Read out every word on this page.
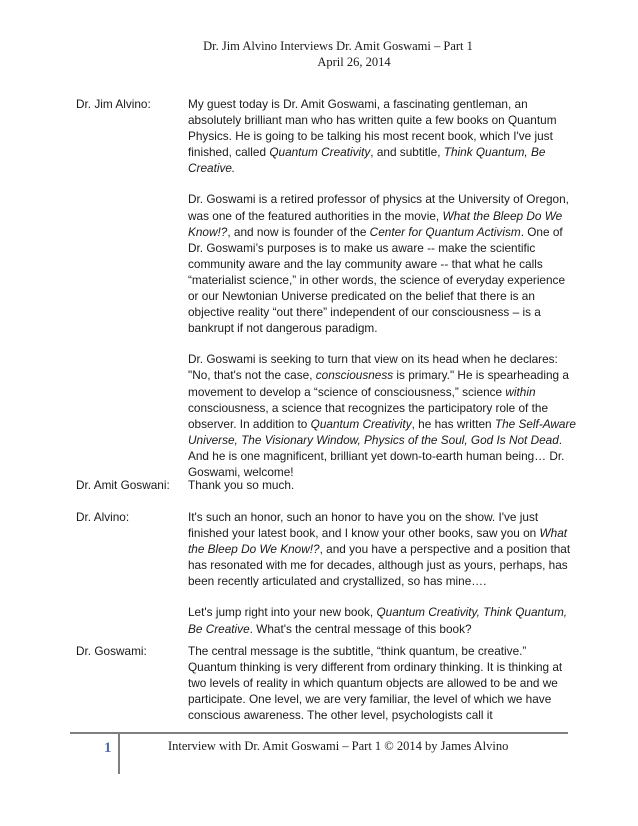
Dr. Jim Alvino Interviews Dr. Amit Goswami – Part 1
April 26, 2014
Dr. Jim Alvino:	My guest today is Dr. Amit Goswami, a fascinating gentleman, an absolutely brilliant man who has written quite a few books on Quantum Physics. He is going to be talking his most recent book, which I've just finished, called Quantum Creativity, and subtitle, Think Quantum, Be Creative.

Dr. Goswami is a retired professor of physics at the University of Oregon, was one of the featured authorities in the movie, What the Bleep Do We Know!?, and now is founder of the Center for Quantum Activism. One of Dr. Goswami’s purposes is to make us aware -- make the scientific community aware and the lay community aware -- that what he calls “materialist science,” in other words, the science of everyday experience or our Newtonian Universe predicated on the belief that there is an objective reality “out there” independent of our consciousness – is a bankrupt if not dangerous paradigm.

Dr. Goswami is seeking to turn that view on its head when he declares: "No, that's not the case, consciousness is primary." He is spearheading a movement to develop a “science of consciousness,” science within consciousness, a science that recognizes the participatory role of the observer. In addition to Quantum Creativity, he has written The Self-Aware Universe, The Visionary Window, Physics of the Soul, God Is Not Dead. And he is one magnificent, brilliant yet down-to-earth human being… Dr. Goswami, welcome!

Dr. Amit Goswani:	Thank you so much.

Dr. Alvino:	It's such an honor, such an honor to have you on the show. I've just finished your latest book, and I know your other books, saw you on What the Bleep Do We Know!?, and you have a perspective and a position that has resonated with me for decades, although just as yours, perhaps, has been recently articulated and crystallized, so has mine….

Let's jump right into your new book, Quantum Creativity, Think Quantum, Be Creative. What's the central message of this book?

Dr. Goswami:	The central message is the subtitle, “think quantum, be creative.” Quantum thinking is very different from ordinary thinking. It is thinking at two levels of reality in which quantum objects are allowed to be and we participate. One level, we are very familiar, the level of which we have conscious awareness. The other level, psychologists call it

1	Interview with Dr. Amit Goswami – Part 1 © 2014 by James Alvino
